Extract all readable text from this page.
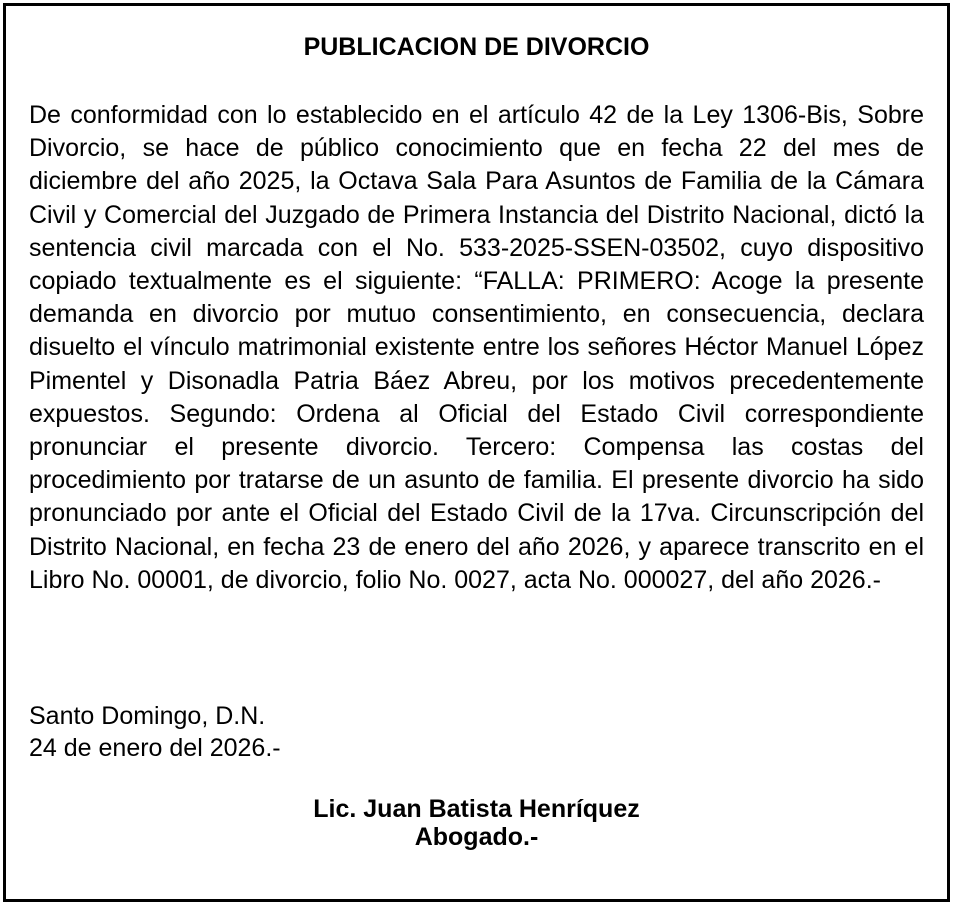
PUBLICACION DE DIVORCIO
De conformidad con lo establecido en el artículo 42 de la Ley 1306-Bis, Sobre Divorcio, se hace de público conocimiento que en fecha 22 del mes de diciembre del año 2025, la Octava Sala Para Asuntos de Familia de la Cámara Civil y Comercial del Juzgado de Primera Instancia del Distrito Nacional, dictó la sentencia civil marcada con el No. 533-2025-SSEN-03502, cuyo dispositivo copiado textualmente es el siguiente: “FALLA: PRIMERO: Acoge la presente demanda en divorcio por mutuo consentimiento, en consecuencia, declara disuelto el vínculo matrimonial existente entre los señores Héctor Manuel López Pimentel y Disonadla Patria Báez Abreu, por los motivos precedentemente expuestos. Segundo: Ordena al Oficial del Estado Civil correspondiente pronunciar el presente divorcio. Tercero: Compensa las costas del procedimiento por tratarse de un asunto de familia. El presente divorcio ha sido pronunciado por ante el Oficial del Estado Civil de la 17va. Circunscripción del Distrito Nacional, en fecha 23 de enero del año 2026, y aparece transcrito en el Libro No. 00001, de divorcio, folio No. 0027, acta No. 000027, del año 2026.-
Santo Domingo, D.N.
24 de enero del 2026.-
Lic. Juan Batista Henríquez
Abogado.-
